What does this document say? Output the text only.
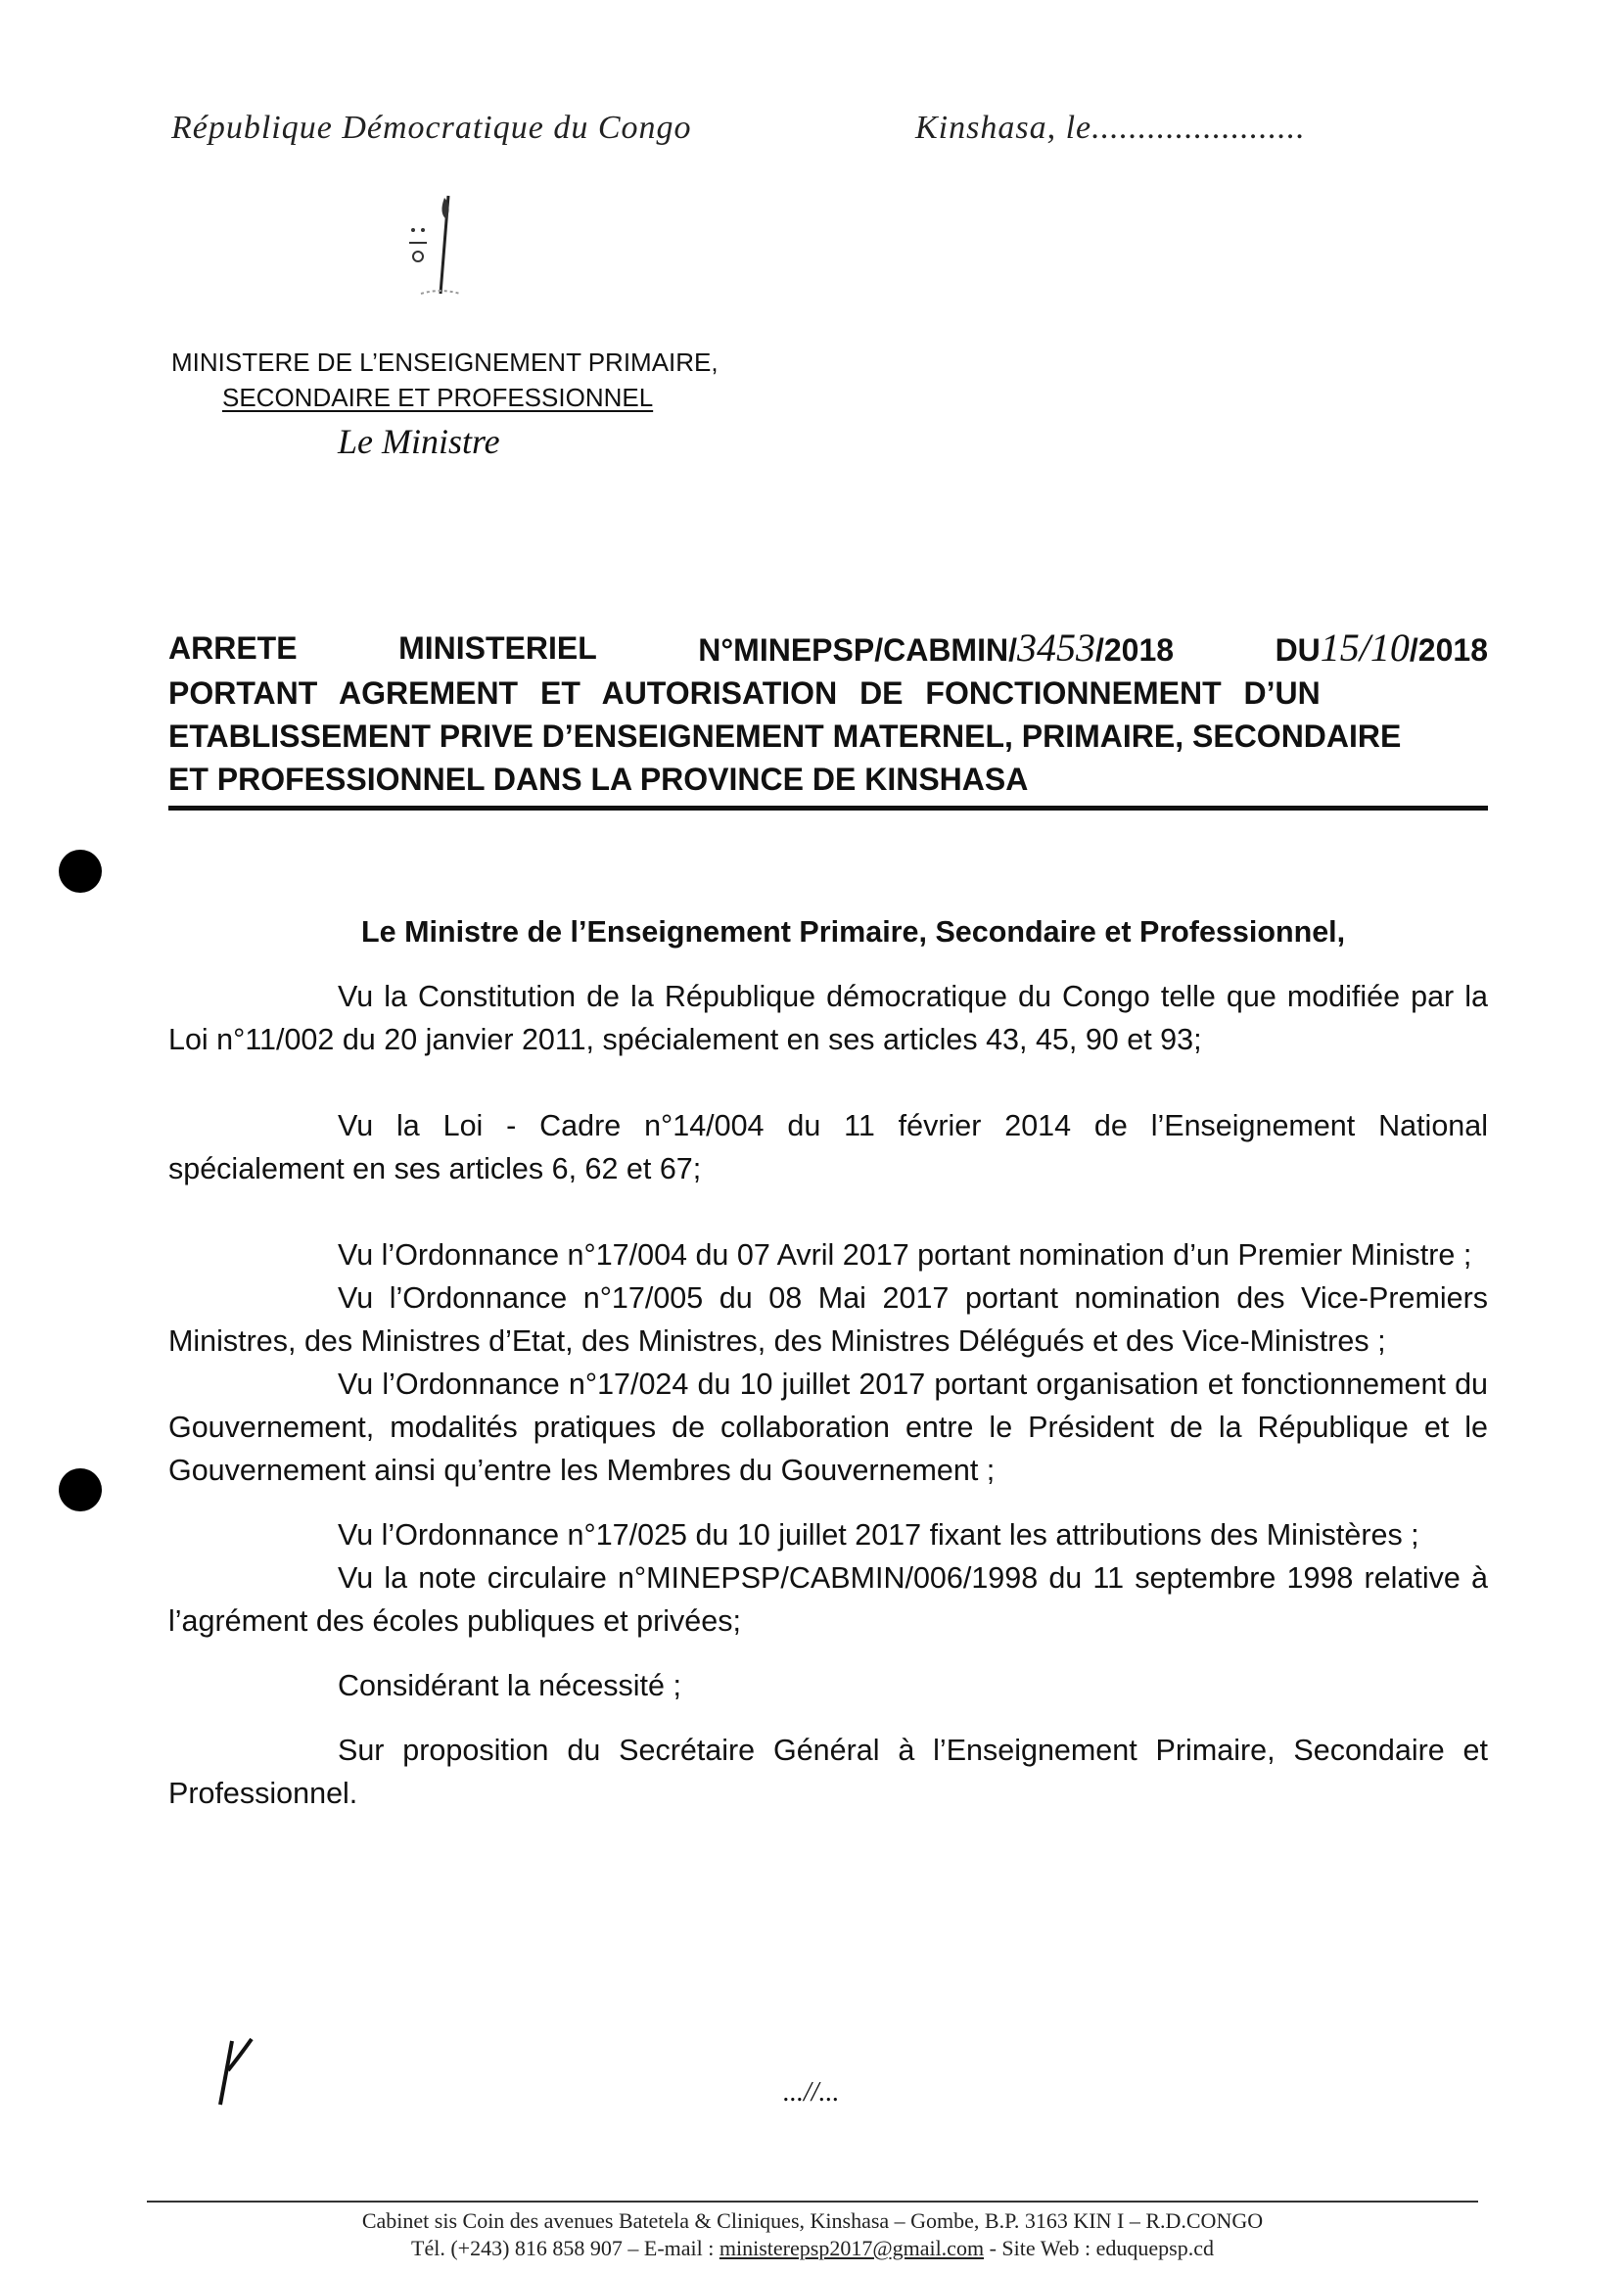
République Démocratique du Congo	Kinshasa, le.......................
MINISTERE DE L’ENSEIGNEMENT PRIMAIRE,
SECONDAIRE ET PROFESSIONNEL
Le Ministre
ARRETE	MINISTERIEL	N°MINEPSP/CABMIN/3453/2018	DU15/10/2018
PORTANT AGREMENT ET AUTORISATION DE FONCTIONNEMENT D’UN
ETABLISSEMENT PRIVE D’ENSEIGNEMENT MATERNEL, PRIMAIRE, SECONDAIRE
ET PROFESSIONNEL DANS LA PROVINCE DE KINSHASA

Le Ministre de l’Enseignement Primaire, Secondaire et Professionnel,

Vu la Constitution de la République démocratique du Congo telle que modifiée par la Loi n°11/002 du 20 janvier 2011, spécialement en ses articles 43, 45, 90 et 93;

Vu la Loi - Cadre n°14/004 du 11 février 2014 de l’Enseignement National spécialement en ses articles 6, 62 et 67;

Vu l’Ordonnance n°17/004 du 07 Avril 2017 portant nomination d’un Premier Ministre ;

Vu l’Ordonnance n°17/005 du 08 Mai 2017 portant nomination des Vice-Premiers Ministres, des Ministres d’Etat, des Ministres, des Ministres Délégués et des Vice-Ministres ;

Vu l’Ordonnance n°17/024 du 10 juillet 2017 portant organisation et fonctionnement du Gouvernement, modalités pratiques de collaboration entre le Président de la République et le Gouvernement ainsi qu’entre les Membres du Gouvernement ;

Vu l’Ordonnance n°17/025 du 10 juillet 2017 fixant les attributions des Ministères ;

Vu la note circulaire n°MINEPSP/CABMIN/006/1998 du 11 septembre 1998 relative à l’agrément des écoles publiques et privées;

Considérant la nécessité ;

Sur proposition du Secrétaire Général à l’Enseignement Primaire, Secondaire et Professionnel.

...//...
Cabinet sis Coin des avenues Batetela & Cliniques, Kinshasa – Gombe, B.P. 3163 KIN I – R.D.CONGO
Tél. (+243) 816 858 907 – E-mail : ministerepsp2017@gmail.com - Site Web : eduquepsp.cd
